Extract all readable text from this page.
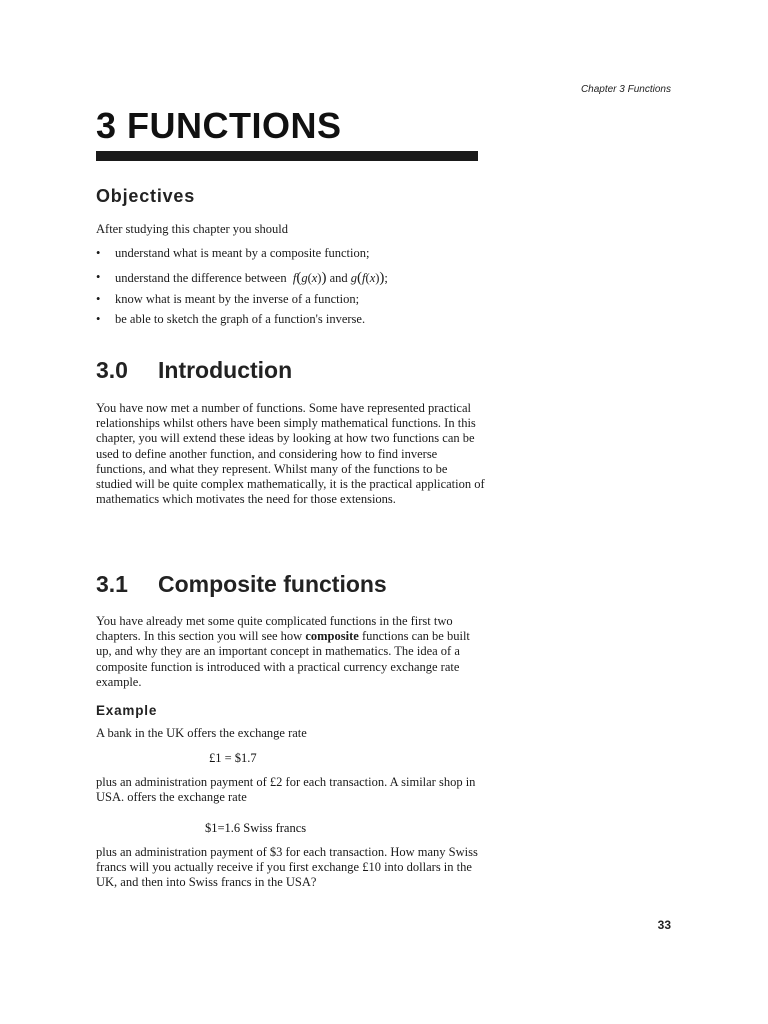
Chapter 3 Functions
3 FUNCTIONS
Objectives

After studying this chapter you should

• understand what is meant by a composite function;
• understand the difference between f(g(x)) and g(f(x));
• know what is meant by the inverse of a function;
• be able to sketch the graph of a function's inverse.
3.0 Introduction

You have now met a number of functions. Some have represented practical relationships whilst others have been simply mathematical functions. In this chapter, you will extend these ideas by looking at how two functions can be used to define another function, and considering how to find inverse functions, and what they represent. Whilst many of the functions to be studied will be quite complex mathematically, it is the practical application of mathematics which motivates the need for those extensions.

3.1 Composite functions

You have already met some quite complicated functions in the first two chapters. In this section you will see how composite functions can be built up, and why they are an important concept in mathematics. The idea of a composite function is introduced with a practical currency exchange rate example.

Example

A bank in the UK offers the exchange rate

£1 = $1.7

plus an administration payment of £2 for each transaction. A similar shop in USA. offers the exchange rate

$1=1.6 Swiss francs

plus an administration payment of $3 for each transaction. How many Swiss francs will you actually receive if you first exchange £10 into dollars in the UK, and then into Swiss francs in the USA?

33
